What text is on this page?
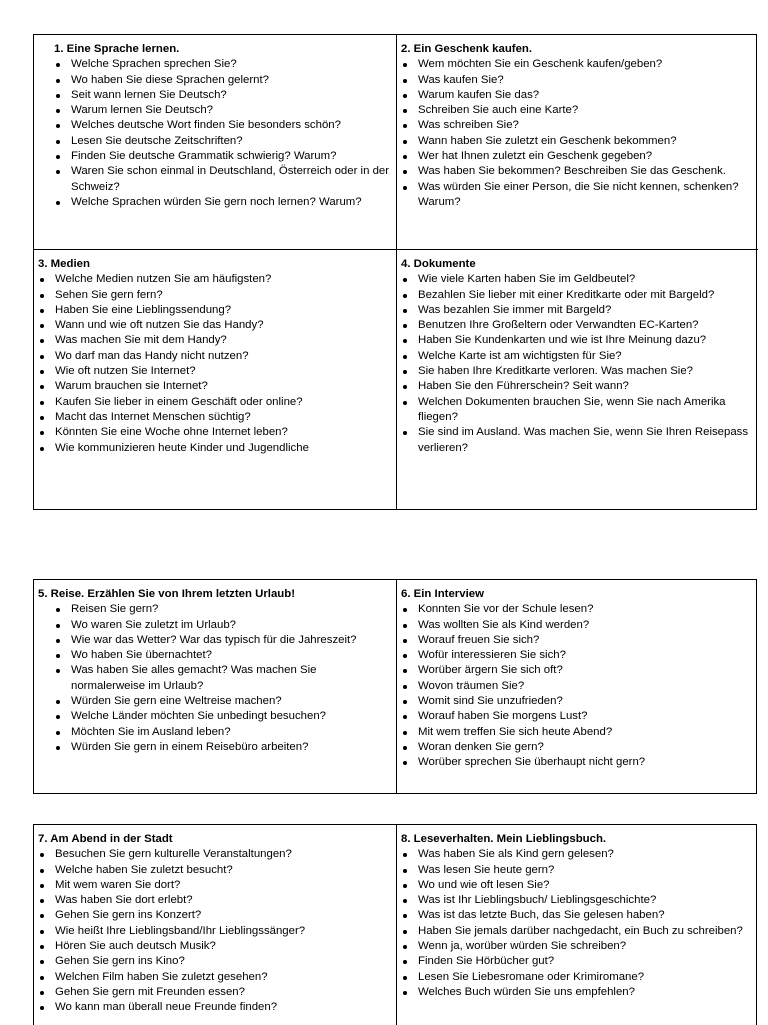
1. Eine Sprache lernen.

Welche Sprachen sprechen Sie?
Wo haben Sie diese Sprachen gelernt?
Seit wann lernen Sie Deutsch?
Warum lernen Sie Deutsch?
Welches deutsche Wort finden Sie besonders schön?
Lesen Sie deutsche Zeitschriften?
Finden Sie deutsche Grammatik schwierig? Warum?
Waren Sie schon einmal in Deutschland, Österreich oder in der Schweiz?
Welche Sprachen würden Sie gern noch lernen? Warum?

2. Ein Geschenk kaufen.

Wem möchten Sie ein Geschenk kaufen/geben?
Was kaufen Sie?
Warum kaufen Sie das?
Schreiben Sie auch eine Karte?
Was schreiben Sie?
Wann haben Sie zuletzt ein Geschenk bekommen?
Wer hat Ihnen zuletzt ein Geschenk gegeben?
Was haben Sie bekommen? Beschreiben Sie das Geschenk.
Was würden Sie einer Person, die Sie nicht kennen, schenken? Warum?

3. Medien

Welche Medien nutzen Sie am häufigsten?
Sehen Sie gern fern?
Haben Sie eine Lieblingssendung?
Wann und wie oft nutzen Sie das Handy?
Was machen Sie mit dem Handy?
Wo darf man das Handy nicht nutzen?
Wie oft nutzen Sie Internet?
Warum brauchen sie Internet?
Kaufen Sie lieber in einem Geschäft oder online?
Macht das Internet Menschen süchtig?
Könnten Sie eine Woche ohne Internet leben?
Wie kommunizieren heute Kinder und Jugendliche

4. Dokumente

Wie viele Karten haben Sie im Geldbeutel?
Bezahlen Sie lieber mit einer Kreditkarte oder mit Bargeld?
Was bezahlen Sie immer mit Bargeld?
Benutzen Ihre Großeltern oder Verwandten EC-Karten?
Haben Sie Kundenkarten und wie ist Ihre Meinung dazu?
Welche Karte ist am wichtigsten für Sie?
Sie haben Ihre Kreditkarte verloren. Was machen Sie?
Haben Sie den Führerschein? Seit wann?
Welchen Dokumenten brauchen Sie, wenn Sie nach Amerika fliegen?
Sie sind im Ausland. Was machen Sie, wenn Sie Ihren Reisepass verlieren?

5. Reise. Erzählen Sie von Ihrem letzten Urlaub!

Reisen Sie gern?
Wo waren Sie zuletzt im Urlaub?
Wie war das Wetter? War das typisch für die Jahreszeit?
Wo haben Sie übernachtet?
Was haben Sie alles gemacht? Was machen Sie normalerweise im Urlaub?
Würden Sie gern eine Weltreise machen?
Welche Länder möchten Sie unbedingt besuchen?
Möchten Sie im Ausland leben?
Würden Sie gern in einem Reisebüro arbeiten?

6. Ein Interview

Konnten Sie vor der Schule lesen?
Was wollten Sie als Kind werden?
Worauf freuen Sie sich?
Wofür interessieren Sie sich?
Worüber ärgern Sie sich oft?
Wovon träumen Sie?
Womit sind Sie unzufrieden?
Worauf haben Sie morgens Lust?
Mit wem treffen Sie sich heute Abend?
Woran denken Sie gern?
Worüber sprechen Sie überhaupt nicht gern?

7. Am Abend in der Stadt

Besuchen Sie gern kulturelle Veranstaltungen?
Welche haben Sie zuletzt besucht?
Mit wem waren Sie dort?
Was haben Sie dort erlebt?
Gehen Sie gern ins Konzert?
Wie heißt Ihre Lieblingsband/Ihr Lieblingssänger?
Hören Sie auch deutsch Musik?
Gehen Sie gern ins Kino?
Welchen Film haben Sie zuletzt gesehen?
Gehen Sie gern mit Freunden essen?
Wo kann man überall neue Freunde finden?

8. Leseverhalten. Mein Lieblingsbuch.

Was haben Sie als Kind gern gelesen?
Was lesen Sie heute gern?
Wo und wie oft lesen Sie?
Was ist Ihr Lieblingsbuch/ Lieblingsgeschichte?
Was ist das letzte Buch, das Sie gelesen haben?
Haben Sie jemals darüber nachgedacht, ein Buch zu schreiben?
Wenn ja, worüber würden Sie schreiben?
Finden Sie Hörbücher gut?
Lesen Sie Liebesromane oder Krimiromane?
Welches Buch würden Sie uns empfehlen?
